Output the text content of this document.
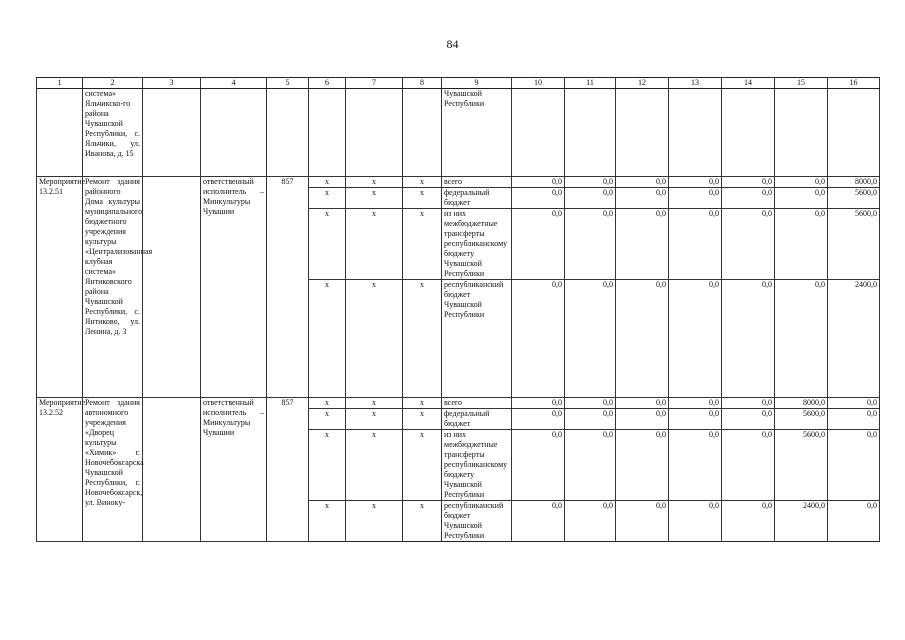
84
1	2	3	4	5	6	7	8	9	10	11	12	13	14	15	16
	система» Яльчикско-го района Чувашской Республики, с. Яльчики, ул. Иванова, д. 15							Чувашской Республики							
Мероприятие 13.2.51	Ремонт здания районного Дома культуры муниципального бюджетного учреждения культуры «Централизованная клубная система» Янтиковского района Чувашской Республики, с. Янтиково, ул. Ленина, д. 3		ответственный исполнитель – Минкультуры Чувашии	857	х	х	х	всего	0,0	0,0	0,0	0,0	0,0	0,0	8000,0
					х	х	х	федеральный бюджет	0,0	0,0	0,0	0,0	0,0	0,0	5600,0
					х	х	х	из них межбюджетные трансферты республиканскому бюджету Чувашской Республики	0,0	0,0	0,0	0,0	0,0	0,0	5600,0
					х	х	х	республиканский бюджет Чувашской Республики	0,0	0,0	0,0	0,0	0,0	0,0	2400,0
Мероприятие 13.2.52	Ремонт здания автономного учреждения «Дворец культуры «Химик» г. Новочебоксарска Чувашской Республики, г. Новочебоксарск, ул. Виноку-		ответственный исполнитель – Минкультуры Чувашии	857	х	х	х	всего	0,0	0,0	0,0	0,0	0,0	8000,0	0,0
					х	х	х	федеральный бюджет	0,0	0,0	0,0	0,0	0,0	5600,0	0,0
					х	х	х	из них межбюджетные трансферты республиканскому бюджету Чувашской Республики	0,0	0,0	0,0	0,0	0,0	5600,0	0,0
					х	х	х	республиканский бюджет Чувашской Республики	0,0	0,0	0,0	0,0	0,0	2400,0	0,0
